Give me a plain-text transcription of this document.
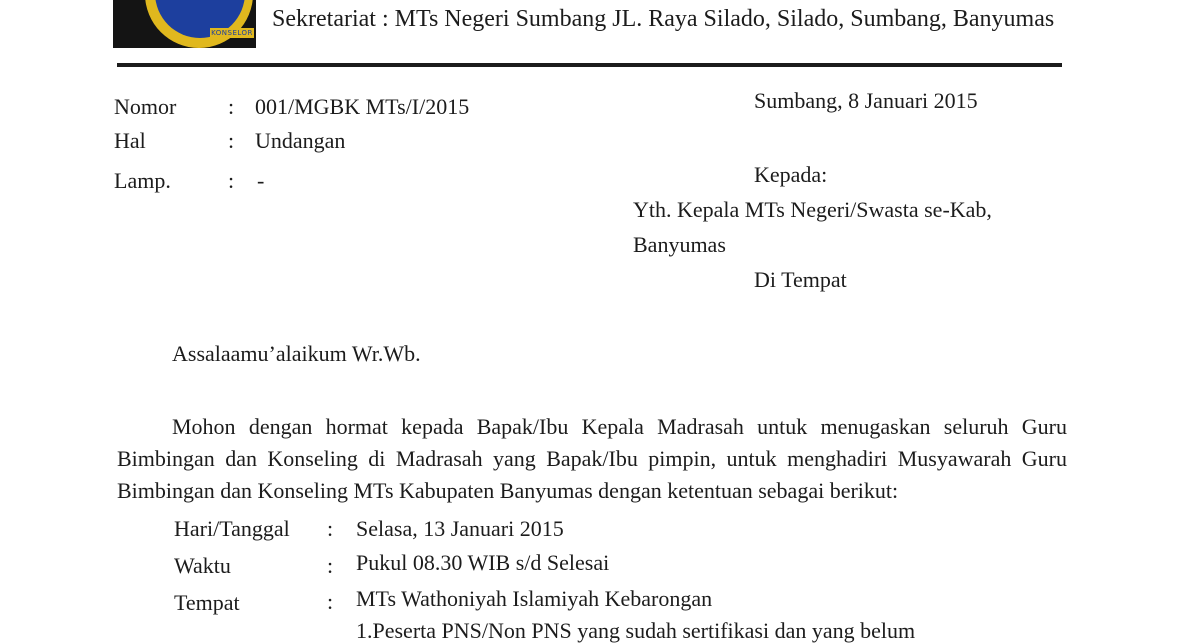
KONSELOR
Sekretariat : MTs Negeri Sumbang JL. Raya Silado, Silado, Sumbang, Banyumas
Nomor : 001/MGBK MTs/I/2015
Hal	: Undangan
Lamp.	: -
Sumbang, 8 Januari 2015
Kepada:
Yth. Kepala MTs Negeri/Swasta se-Kab,
Banyumas
Di Tempat
Assalaamu’alaikum Wr.Wb.
Mohon dengan hormat kepada Bapak/Ibu Kepala Madrasah untuk menugaskan seluruh Guru Bimbingan dan Konseling di Madrasah yang Bapak/Ibu pimpin, untuk menghadiri Musyawarah Guru Bimbingan dan Konseling MTs Kabupaten Banyumas dengan ketentuan sebagai berikut:
Hari/Tanggal : Selasa, 13 Januari 2015
Waktu	: Pukul 08.30 WIB s/d Selesai
Tempat	: MTs Wathoniyah Islamiyah Kebarongan
1.Peserta PNS/Non PNS yang sudah sertifikasi dan yang belum
